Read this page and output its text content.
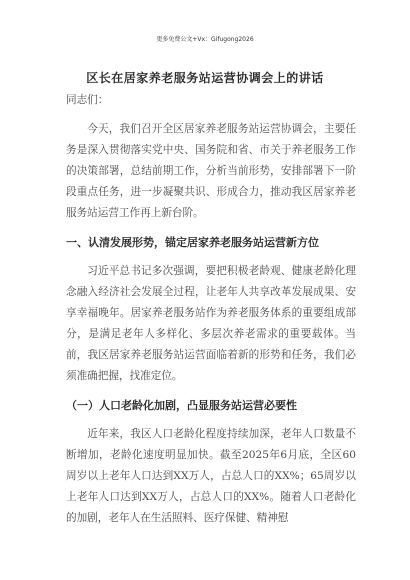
更多免费公文+Vx：Gifugong2026
区长在居家养老服务站运营协调会上的讲话

同志们：

今天，我们召开全区居家养老服务站运营协调会，主要任务是深入贯彻落实党中央、国务院和省、市关于养老服务工作的决策部署，总结前期工作，分析当前形势，安排部署下一阶段重点任务，进一步凝聚共识、形成合力，推动我区居家养老服务站运营工作再上新台阶。

一、认清发展形势，锚定居家养老服务站运营新方位

习近平总书记多次强调，要把积极老龄观、健康老龄化理念融入经济社会发展全过程，让老年人共享改革发展成果、安享幸福晚年。居家养老服务站作为养老服务体系的重要组成部分，是满足老年人多样化、多层次养老需求的重要载体。当前，我区居家养老服务站运营面临着新的形势和任务，我们必须准确把握，找准定位。

（一）人口老龄化加剧，凸显服务站运营必要性

近年来，我区人口老龄化程度持续加深，老年人口数量不断增加，老龄化速度明显加快。截至2025年6月底，全区60周岁以上老年人口达到XX万人，占总人口的XX%；65周岁以上老年人口达到XX万人，占总人口的XX%。随着人口老龄化的加剧，老年人在生活照料、医疗保健、精神慰
